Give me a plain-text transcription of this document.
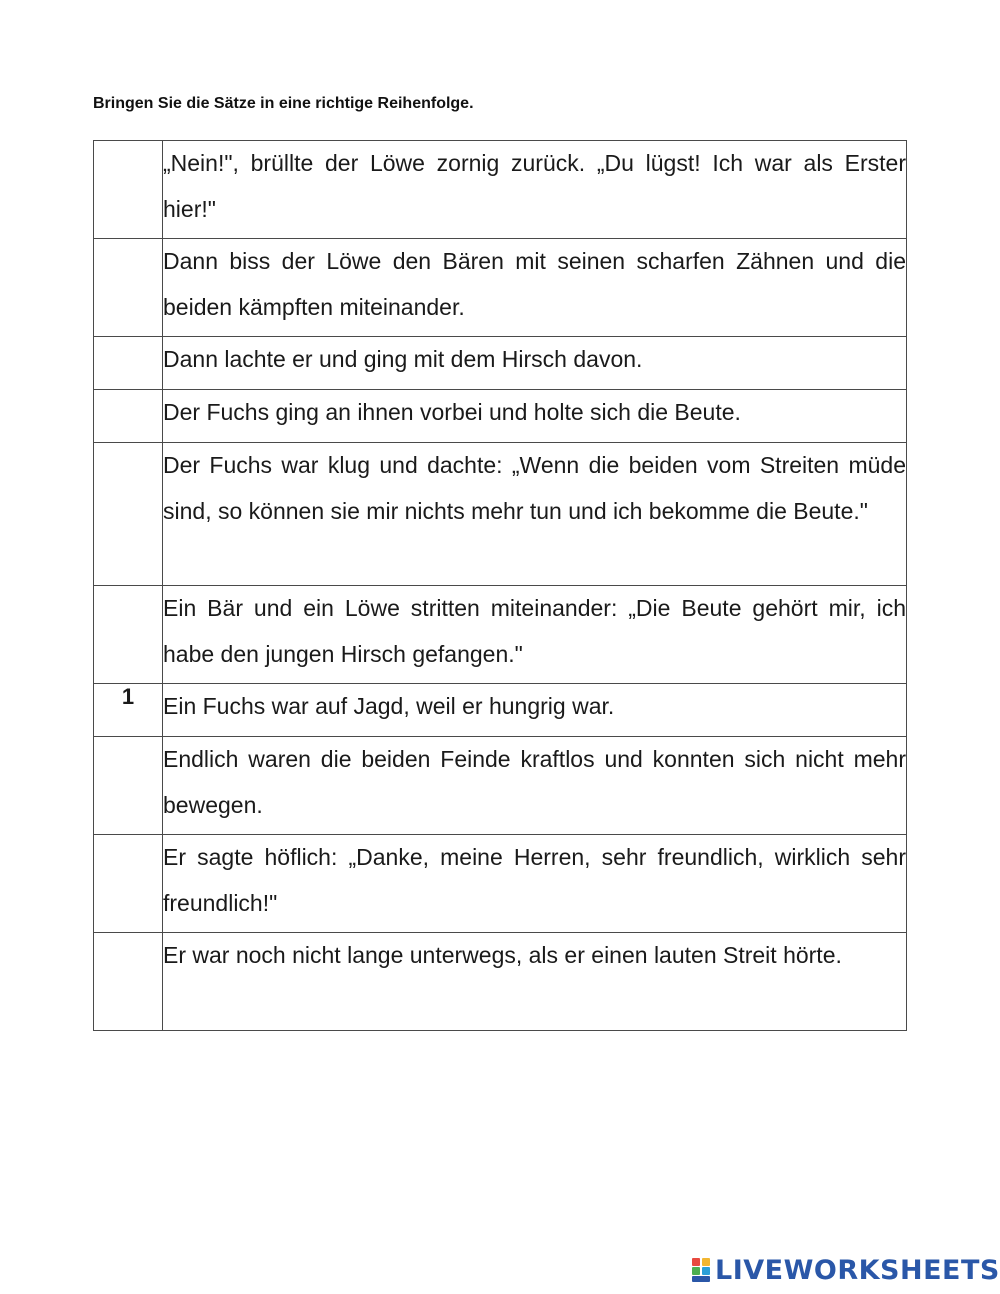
Bringen Sie die Sätze in eine richtige Reihenfolge.

	„Nein!", brüllte der Löwe zornig zurück. „Du lügst! Ich war als Erster hier!"
	Dann biss der Löwe den Bären mit seinen scharfen Zähnen und die beiden kämpften miteinander.
	Dann lachte er und ging mit dem Hirsch davon.
	Der Fuchs ging an ihnen vorbei und holte sich die Beute.
	Der Fuchs war klug und dachte: „Wenn die beiden vom Streiten müde sind, so können sie mir nichts mehr tun und ich bekomme die Beute."
	Ein Bär und ein Löwe stritten miteinander: „Die Beute gehört mir, ich habe den jungen Hirsch gefangen."
1	Ein Fuchs war auf Jagd, weil er hungrig war.
	Endlich waren die beiden Feinde kraftlos und konnten sich nicht mehr bewegen.
	Er sagte höflich: „Danke, meine Herren, sehr freundlich, wirklich sehr freundlich!"
	Er war noch nicht lange unterwegs, als er einen lauten Streit hörte.
LIVEWORKSHEETS
